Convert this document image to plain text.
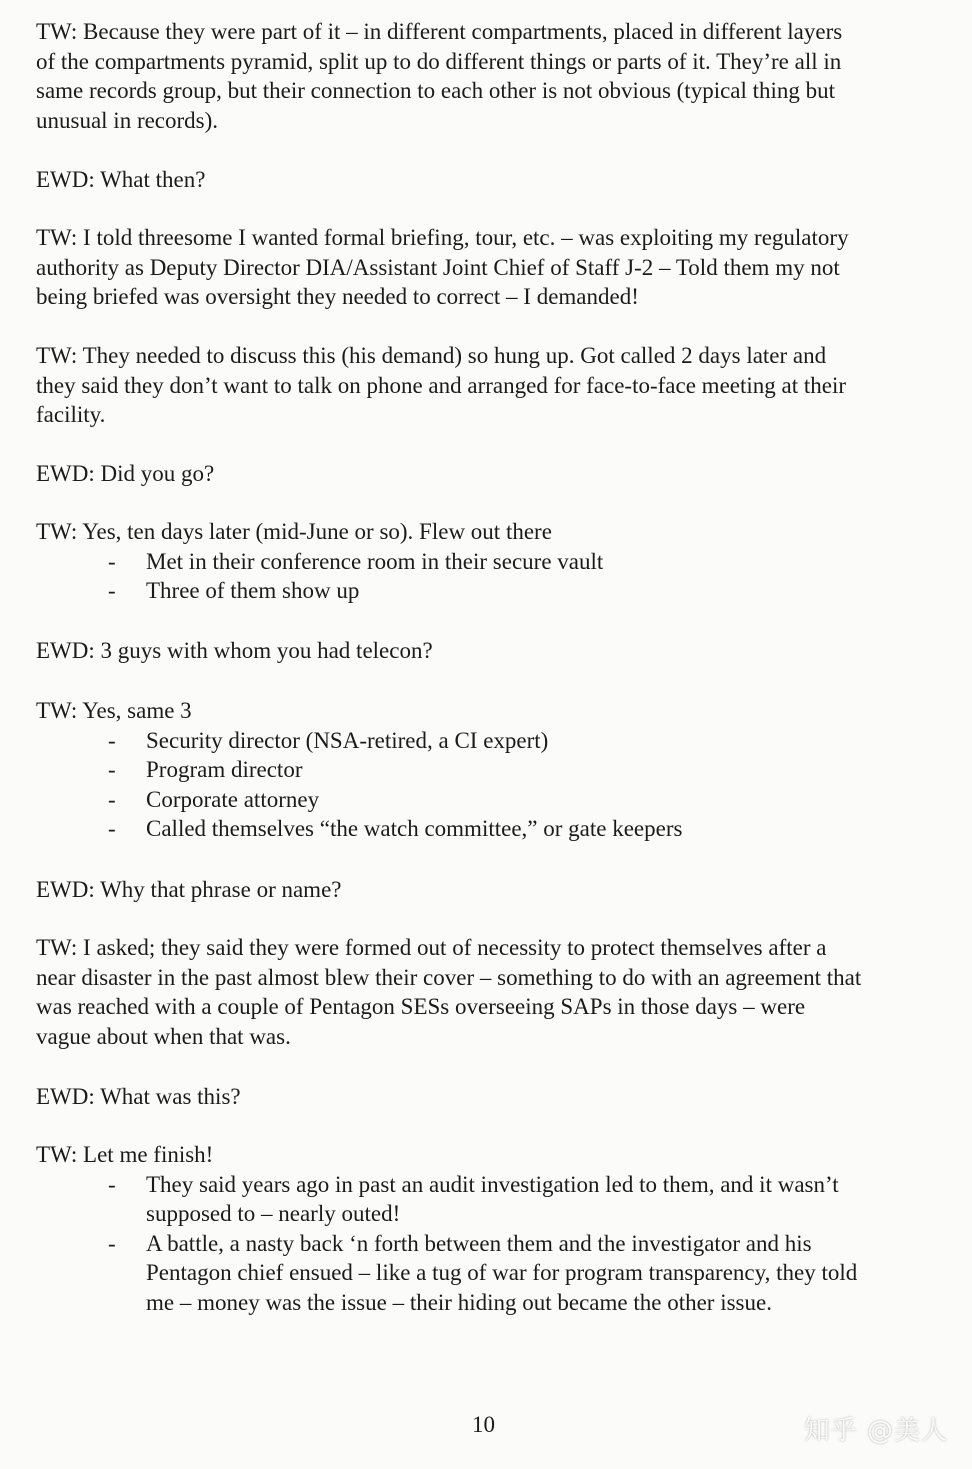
TW: Because they were part of it – in different compartments, placed in different layers
of the compartments pyramid, split up to do different things or parts of it. They’re all in
same records group, but their connection to each other is not obvious (typical thing but
unusual in records).
EWD: What then?
TW: I told threesome I wanted formal briefing, tour, etc. – was exploiting my regulatory
authority as Deputy Director DIA/Assistant Joint Chief of Staff J-2 – Told them my not
being briefed was oversight they needed to correct – I demanded!
TW: They needed to discuss this (his demand) so hung up. Got called 2 days later and
they said they don’t want to talk on phone and arranged for face-to-face meeting at their
facility.
EWD: Did you go?
TW: Yes, ten days later (mid-June or so). Flew out there
- Met in their conference room in their secure vault
- Three of them show up
EWD: 3 guys with whom you had telecon?
TW: Yes, same 3
- Security director (NSA-retired, a CI expert)
- Program director
- Corporate attorney
- Called themselves “the watch committee,” or gate keepers
EWD: Why that phrase or name?
TW: I asked; they said they were formed out of necessity to protect themselves after a
near disaster in the past almost blew their cover – something to do with an agreement that
was reached with a couple of Pentagon SESs overseeing SAPs in those days – were
vague about when that was.
EWD: What was this?
TW: Let me finish!
- They said years ago in past an audit investigation led to them, and it wasn’t
supposed to – nearly outed!
- A battle, a nasty back ‘n forth between them and the investigator and his
Pentagon chief ensued – like a tug of war for program transparency, they told
me – money was the issue – their hiding out became the other issue.
10	知乎 @美人
